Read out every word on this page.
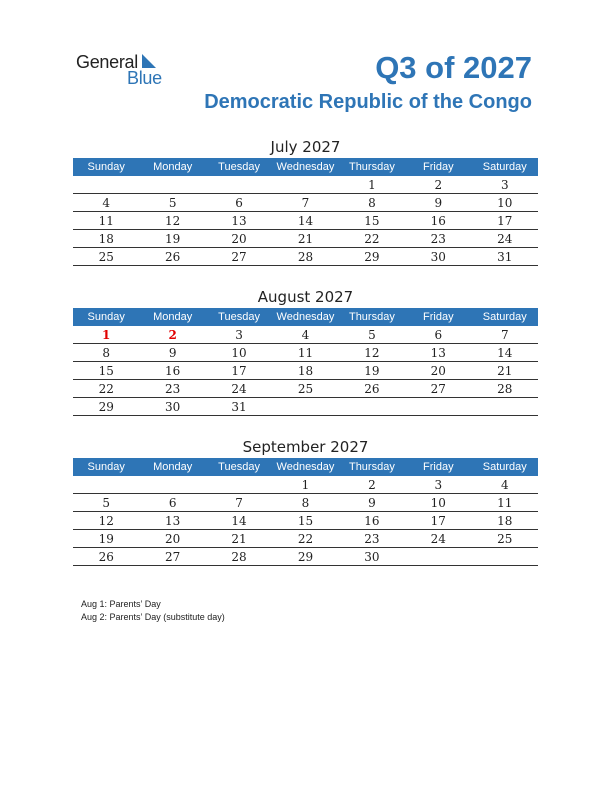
General
Blue	Q3 of 2027
Democratic Republic of the Congo
July 2027
Sunday	Monday	Tuesday	Wednesday	Thursday	Friday	Saturday
				1	2	3
4	5	6	7	8	9	10
11	12	13	14	15	16	17
18	19	20	21	22	23	24
25	26	27	28	29	30	31
August 2027
Sunday	Monday	Tuesday	Wednesday	Thursday	Friday	Saturday
1	2	3	4	5	6	7
8	9	10	11	12	13	14
15	16	17	18	19	20	21
22	23	24	25	26	27	28
29	30	31				
September 2027
Sunday	Monday	Tuesday	Wednesday	Thursday	Friday	Saturday
			1	2	3	4
5	6	7	8	9	10	11
12	13	14	15	16	17	18
19	20	21	22	23	24	25
26	27	28	29	30		
Aug 1: Parents’ Day
Aug 2: Parents’ Day (substitute day)
